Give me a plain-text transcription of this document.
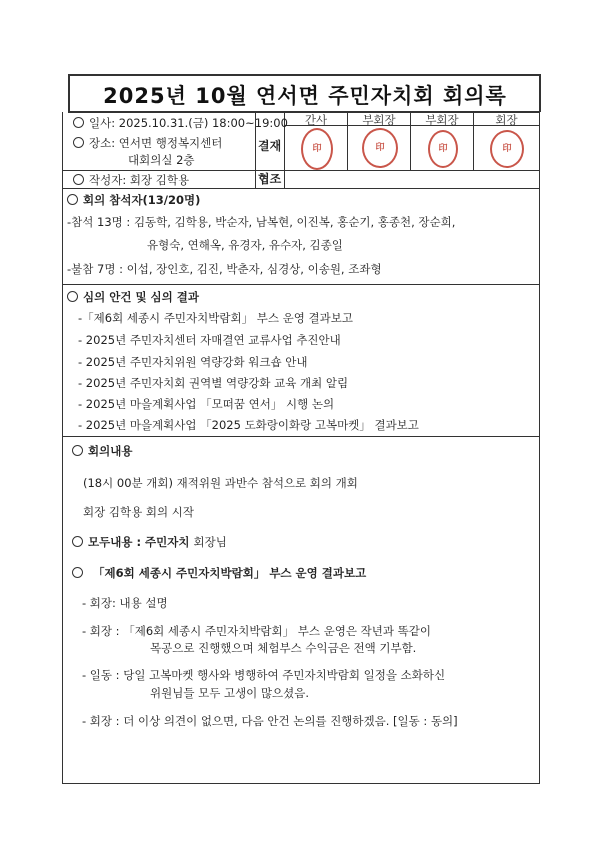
2025년 10월 연서면 주민자치회 회의록
간사	부회장	부회장	회장
결재
협조
印	印	印	印
일사: 2025.10.31.(금) 18:00~19:00
장소: 연서면 행정복지센터
대회의실 2층
작성자: 회장 김학용
회의 참석자(13/20명)
-참석 13명 : 김동학, 김학용, 박순자, 남복현, 이진복, 홍순기, 홍종천, 장순희,
유형숙, 연해옥, 유경자, 유수자, 김종일
-불참 7명 : 이섭, 장인호, 김진, 박춘자, 심경상, 이송원, 조좌형
심의 안건 및 심의 결과
-「제6회 세종시 주민자치박람회」 부스 운영 결과보고
- 2025년 주민자치센터 자매결연 교류사업 추진안내
- 2025년 주민자치위원 역량강화 워크숍 안내
- 2025년 주민자치회 권역별 역량강화 교육 개최 알림
- 2025년 마을계획사업 「모떠꿈 연서」 시행 논의
- 2025년 마을계획사업 「2025 도화랑이화랑 고복마켓」 결과보고
회의내용
(18시 00분 개회) 재적위원 과반수 참석으로 회의 개회
회장 김학용 회의 시작
모두내용 : 주민자치 회장님
「제6회 세종시 주민자치박람회」 부스 운영 결과보고
- 회장: 내용 설명
- 회장 : 「제6회 세종시 주민자치박람회」 부스 운영은 작년과 똑같이
목공으로 진행했으며 체험부스 수익금은 전액 기부함.
- 일동 : 당일 고복마켓 행사와 병행하여 주민자치박람회 일정을 소화하신
위원님들 모두 고생이 많으셨음.
- 회장 : 더 이상 의견이 없으면, 다음 안건 논의를 진행하겠음. [일동 : 동의]
